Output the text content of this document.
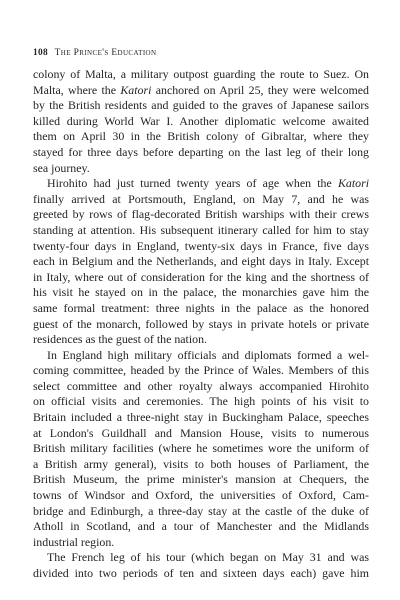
108 The Prince's Education
colony of Malta, a military outpost guarding the route to Suez. On
Malta, where the Katori anchored on April 25, they were welcomed
by the British residents and guided to the graves of Japanese sailors
killed during World War I. Another diplomatic welcome awaited
them on April 30 in the British colony of Gibraltar, where they
stayed for three days before departing on the last leg of their long
sea journey.
Hirohito had just turned twenty years of age when the Katori
finally arrived at Portsmouth, England, on May 7, and he was
greeted by rows of flag-decorated British warships with their crews
standing at attention. His subsequent itinerary called for him to stay
twenty-four days in England, twenty-six days in France, five days
each in Belgium and the Netherlands, and eight days in Italy. Except
in Italy, where out of consideration for the king and the shortness of
his visit he stayed on in the palace, the monarchies gave him the
same formal treatment: three nights in the palace as the honored
guest of the monarch, followed by stays in private hotels or private
residences as the guest of the nation.
In England high military officials and diplomats formed a wel-
coming committee, headed by the Prince of Wales. Members of this
select committee and other royalty always accompanied Hirohito
on official visits and ceremonies. The high points of his visit to
Britain included a three-night stay in Buckingham Palace, speeches
at London's Guildhall and Mansion House, visits to numerous
British military facilities (where he sometimes wore the uniform of
a British army general), visits to both houses of Parliament, the
British Museum, the prime minister's mansion at Chequers, the
towns of Windsor and Oxford, the universities of Oxford, Cam-
bridge and Edinburgh, a three-day stay at the castle of the duke of
Atholl in Scotland, and a tour of Manchester and the Midlands
industrial region.
The French leg of his tour (which began on May 31 and was
divided into two periods of ten and sixteen days each) gave him
